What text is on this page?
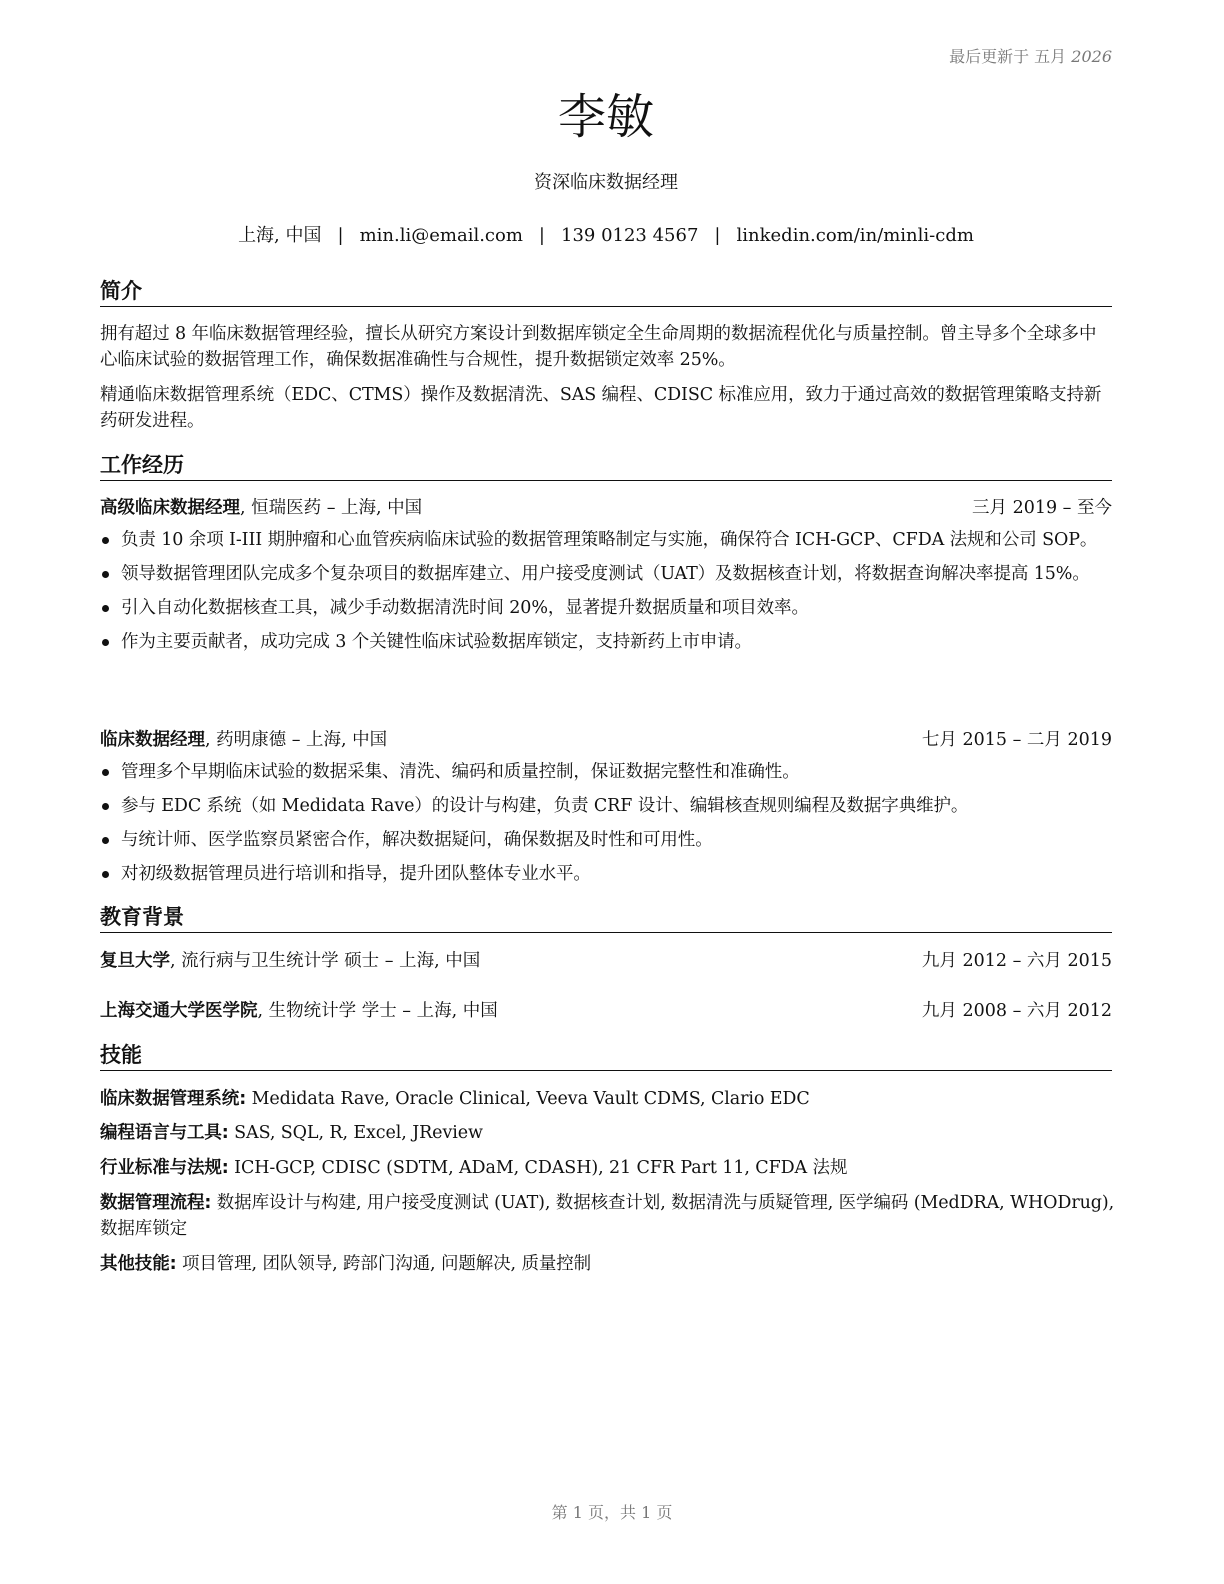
最后更新于 五月 2026
李敏
资深临床数据经理
上海, 中国 | min.li@email.com | 139 0123 4567 | linkedin.com/in/minli-cdm
简介
拥有超过 8 年临床数据管理经验，擅长从研究方案设计到数据库锁定全生命周期的数据流程优化与质量控制。曾主导多个全球多中心临床试验的数据管理工作，确保数据准确性与合规性，提升数据锁定效率 25%。
精通临床数据管理系统（EDC、CTMS）操作及数据清洗、SAS 编程、CDISC 标准应用，致力于通过高效的数据管理策略支持新药研发进程。
工作经历
高级临床数据经理, 恒瑞医药 – 上海, 中国	三月 2019 – 至今
负责 10 余项 I-III 期肿瘤和心血管疾病临床试验的数据管理策略制定与实施，确保符合 ICH-GCP、CFDA 法规和公司 SOP。
领导数据管理团队完成多个复杂项目的数据库建立、用户接受度测试（UAT）及数据核查计划，将数据查询解决率提高 15%。
引入自动化数据核查工具，减少手动数据清洗时间 20%，显著提升数据质量和项目效率。
作为主要贡献者，成功完成 3 个关键性临床试验数据库锁定，支持新药上市申请。
临床数据经理, 药明康德 – 上海, 中国	七月 2015 – 二月 2019
管理多个早期临床试验的数据采集、清洗、编码和质量控制，保证数据完整性和准确性。
参与 EDC 系统（如 Medidata Rave）的设计与构建，负责 CRF 设计、编辑核查规则编程及数据字典维护。
与统计师、医学监察员紧密合作，解决数据疑问，确保数据及时性和可用性。
对初级数据管理员进行培训和指导，提升团队整体专业水平。
教育背景
复旦大学, 流行病与卫生统计学 硕士 – 上海, 中国	九月 2012 – 六月 2015
上海交通大学医学院, 生物统计学 学士 – 上海, 中国	九月 2008 – 六月 2012
技能
临床数据管理系统: Medidata Rave, Oracle Clinical, Veeva Vault CDMS, Clario EDC
编程语言与工具: SAS, SQL, R, Excel, JReview
行业标准与法规: ICH-GCP, CDISC (SDTM, ADaM, CDASH), 21 CFR Part 11, CFDA 法规
数据管理流程: 数据库设计与构建, 用户接受度测试 (UAT), 数据核查计划, 数据清洗与质疑管理, 医学编码 (MedDRA, WHODrug), 数据库锁定
其他技能: 项目管理, 团队领导, 跨部门沟通, 问题解决, 质量控制
第 1 页，共 1 页
